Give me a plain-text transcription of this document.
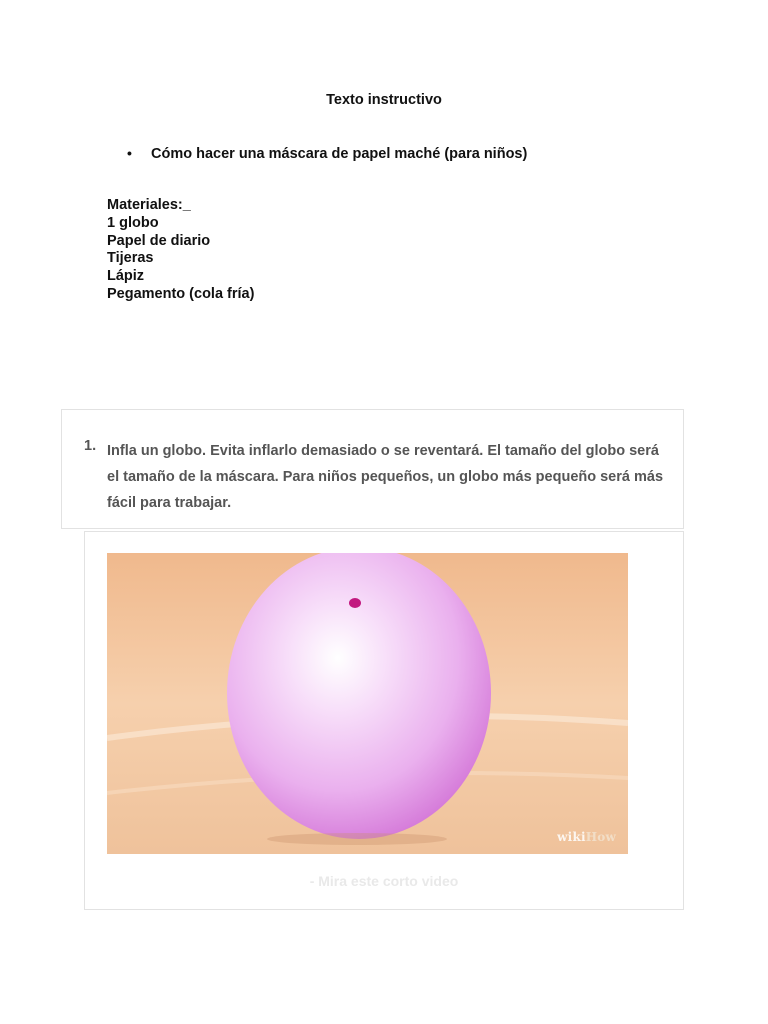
Texto instructivo
•	Cómo hacer una máscara de papel maché (para niños)
Materiales:_
1 globo
Papel de diario
Tijeras
Lápiz
Pegamento (cola fría)
1. Infla un globo. Evita inflarlo demasiado o se reventará. El tamaño del globo será el tamaño de la máscara. Para niños pequeños, un globo más pequeño será más fácil para trabajar.
wikiHow
- Mira este corto video
